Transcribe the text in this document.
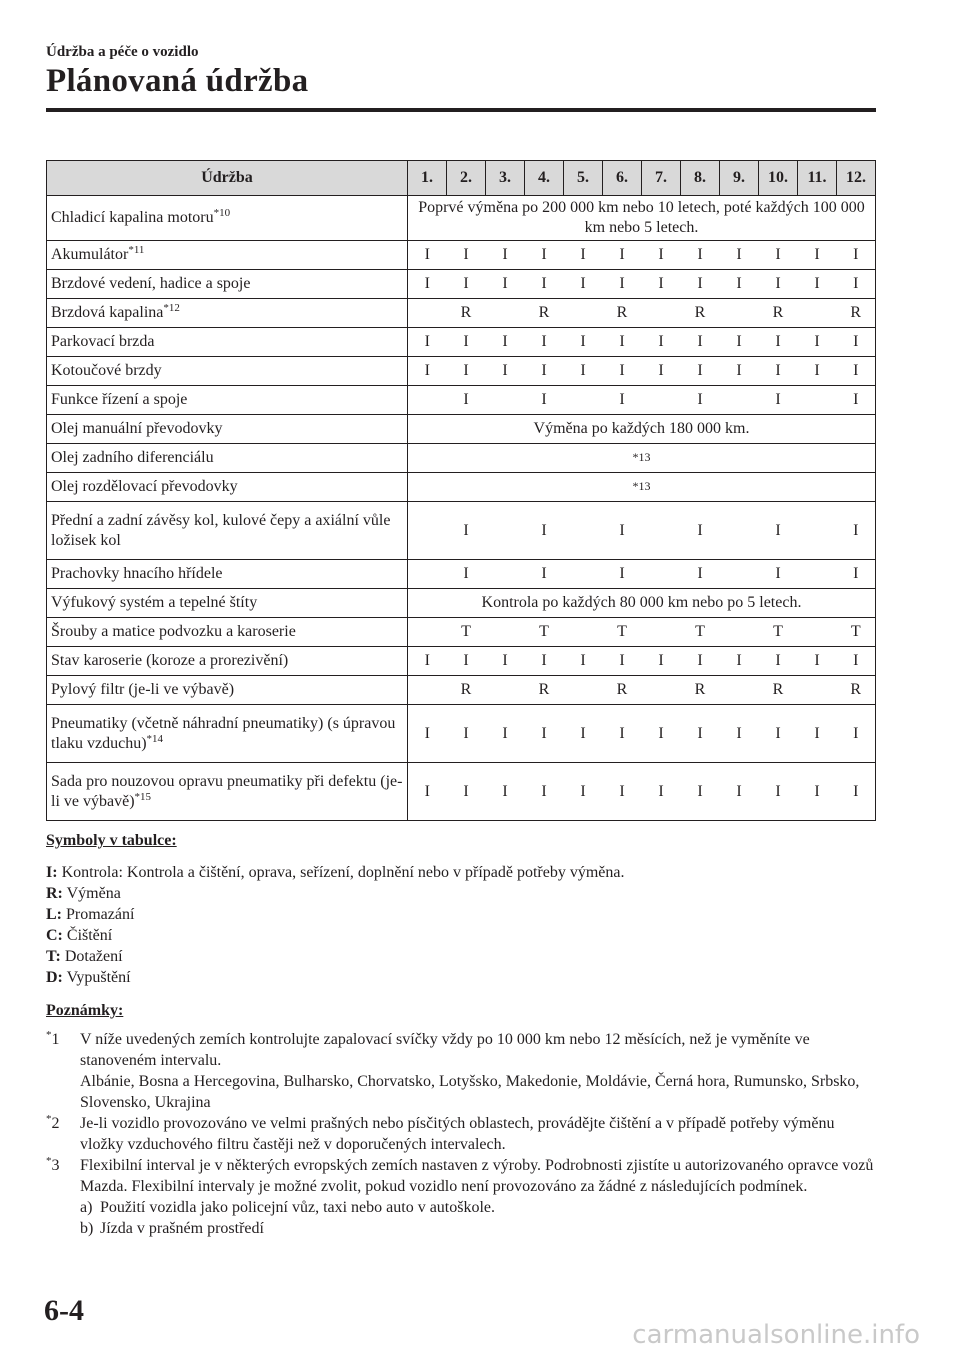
Údržba a péče o vozidlo
Plánovaná údržba
Údržba	1.	2.	3.	4.	5.	6.	7.	8.	9.	10.	11.	12.
Chladicí kapalina motoru$^{*10}$	Poprvé výměna po 200 000 km nebo 10 letech, poté každých 100 000 km nebo 5 letech.											
Akumulátor$^{*11}$	I	I	I	I	I	I	I	I	I	I	I	I
Brzdové vedení, hadice a spoje	I	I	I	I	I	I	I	I	I	I	I	I
Brzdová kapalina$^{*12}$		R		R		R		R		R		R
Parkovací brzda	I	I	I	I	I	I	I	I	I	I	I	I
Kotoučové brzdy	I	I	I	I	I	I	I	I	I	I	I	I
Funkce řízení a spoje		I		I		I		I		I		I
Olej manuální převodovky	Výměna po každých 180 000 km.											
Olej zadního diferenciálu	*13											
Olej rozdělovací převodovky	*13											
Přední a zadní závěsy kol, kulové čepy a axiální vůle ložisek kol		I		I		I		I		I		I
Prachovky hnacího hřídele		I		I		I		I		I		I
Výfukový systém a tepelné štíty	Kontrola po každých 80 000 km nebo po 5 letech.											
Šrouby a matice podvozku a karoserie		T		T		T		T		T		T
Stav karoserie (koroze a prorezivění)	I	I	I	I	I	I	I	I	I	I	I	I
Pylový filtr (je-li ve výbavě)		R		R		R		R		R		R
Pneumatiky (včetně náhradní pneumatiky) (s úpravou tlaku vzduchu)$^{*14}$	I	I	I	I	I	I	I	I	I	I	I	I
Sada pro nouzovou opravu pneumatiky při defektu (je-li ve výbavě)$^{*15}$	I	I	I	I	I	I	I	I	I	I	I	I
Symboly v tabulce:
I: Kontrola: Kontrola a čištění, oprava, seřízení, doplnění nebo v případě potřeby výměna.
R: Výměna
L: Promazání
C: Čištění
T: Dotažení
D: Vypuštění
Poznámky:
*1 V níže uvedených zemích kontrolujte zapalovací svíčky vždy po 10 000 km nebo 12 měsících, než je vyměníte ve stanoveném intervalu.
Albánie, Bosna a Hercegovina, Bulharsko, Chorvatsko, Lotyšsko, Makedonie, Moldávie, Černá hora, Rumunsko, Srbsko, Slovensko, Ukrajina
*2 Je-li vozidlo provozováno ve velmi prašných nebo písčitých oblastech, provádějte čištění a v případě potřeby výměnu vložky vzduchového filtru častěji než v doporučených intervalech.
*3 Flexibilní interval je v některých evropských zemích nastaven z výroby. Podrobnosti zjistíte u autorizovaného opravce vozů Mazda. Flexibilní intervaly je možné zvolit, pokud vozidlo není provozováno za žádné z následujících podmínek.
a) Použití vozidla jako policejní vůz, taxi nebo auto v autoškole.
b) Jízda v prašném prostředí
6-4
carmanualsonline.info
